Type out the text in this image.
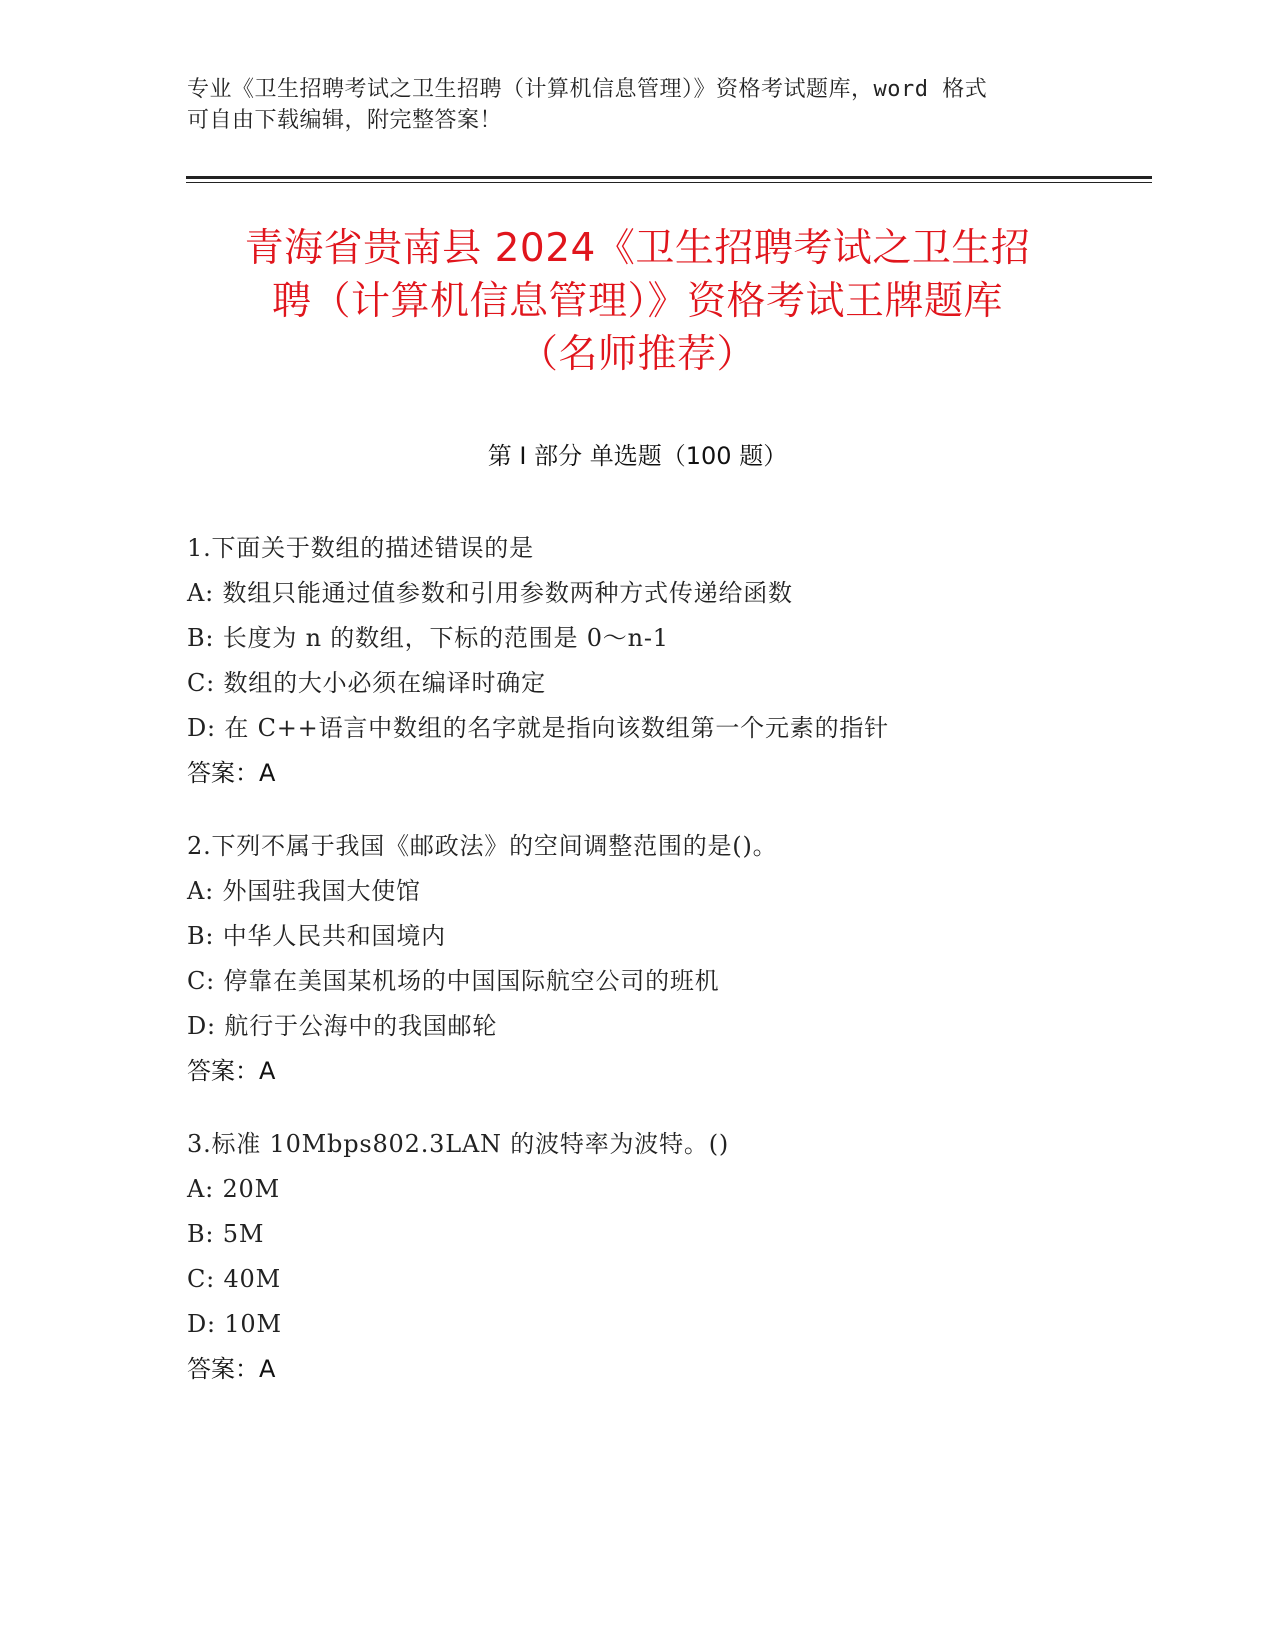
专业《卫生招聘考试之卫生招聘（计算机信息管理）》资格考试题库，word 格式
可自由下载编辑，附完整答案！
青海省贵南县 2024《卫生招聘考试之卫生招
聘（计算机信息管理）》资格考试王牌题库
（名师推荐）
第 I 部分 单选题（100 题）
1.下面关于数组的描述错误的是
A: 数组只能通过值参数和引用参数两种方式传递给函数
B: 长度为 n 的数组，下标的范围是 0～n-1
C: 数组的大小必须在编译时确定
D: 在 C++语言中数组的名字就是指向该数组第一个元素的指针
答案：A
2.下列不属于我国《邮政法》的空间调整范围的是()。
A: 外国驻我国大使馆
B: 中华人民共和国境内
C: 停靠在美国某机场的中国国际航空公司的班机
D: 航行于公海中的我国邮轮
答案：A
3.标准 10Mbps802.3LAN 的波特率为波特。()
A: 20M
B: 5M
C: 40M
D: 10M
答案：A
